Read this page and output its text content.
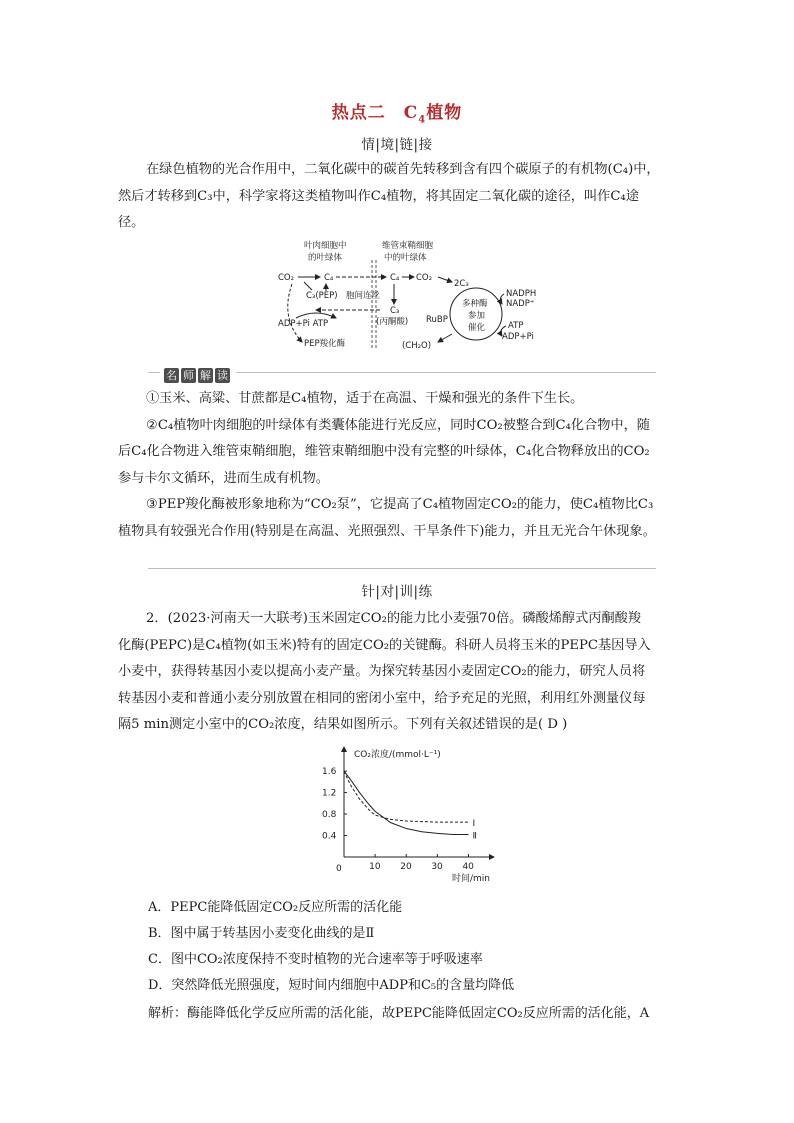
热点二　$C_4$植物
情|境|链|接
在绿色植物的光合作用中，二氧化碳中的碳首先转移到含有四个碳原子的有机物(C₄)中，
然后才转移到C₃中，科学家将这类植物叫作C₄植物，将其固定二氧化碳的途径，叫作C₄途
径。
叶肉细胞中
的叶绿体
维管束鞘细胞
中的叶绿体
CO₂	C₄	C₄ CO₂
2C₃
C₃(PEP) 胞间连丝
C₃
(丙酮酸)
ADP+Pi ATP
PEP羧化酶
多种酶
参加
催化
RuBP
(CH₂O)
NADPH
NADP⁺
ATP
ADP+Pi
名 师 解 读
①玉米、高粱、甘蔗都是C₄植物，适于在高温、干燥和强光的条件下生长。
②C₄植物叶肉细胞的叶绿体有类囊体能进行光反应，同时CO₂被整合到C₄化合物中，随
后C₄化合物进入维管束鞘细胞，维管束鞘细胞中没有完整的叶绿体，C₄化合物释放出的CO₂
参与卡尔文循环，进而生成有机物。
③PEP羧化酶被形象地称为“CO₂泵”，它提高了C₄植物固定CO₂的能力，使C₄植物比C₃
植物具有较强光合作用(特别是在高温、光照强烈、干旱条件下)能力，并且无光合午休现象。
针|对|训|练
2．(2023·河南天一大联考)玉米固定CO₂的能力比小麦强70倍。磷酸烯醇式丙酮酸羧
化酶(PEPC)是C₄植物(如玉米)特有的固定CO₂的关键酶。科研人员将玉米的PEPC基因导入
小麦中，获得转基因小麦以提高小麦产量。为探究转基因小麦固定CO₂的能力，研究人员将
转基因小麦和普通小麦分别放置在相同的密闭小室中，给予充足的光照，利用红外测量仪每
隔5 min测定小室中的CO₂浓度，结果如图所示。下列有关叙述错误的是( D )
CO₂浓度/(mmol·L⁻¹)
时间/min
0	10 20 30 40
0.4
0.8
1.2
1.6
Ⅰ
Ⅱ
A．PEPC能降低固定CO₂反应所需的活化能
B．图中属于转基因小麦变化曲线的是Ⅱ
C．图中CO₂浓度保持不变时植物的光合速率等于呼吸速率
D．突然降低光照强度，短时间内细胞中ADP和C₅的含量均降低
解析：酶能降低化学反应所需的活化能，故PEPC能降低固定CO₂反应所需的活化能，A
